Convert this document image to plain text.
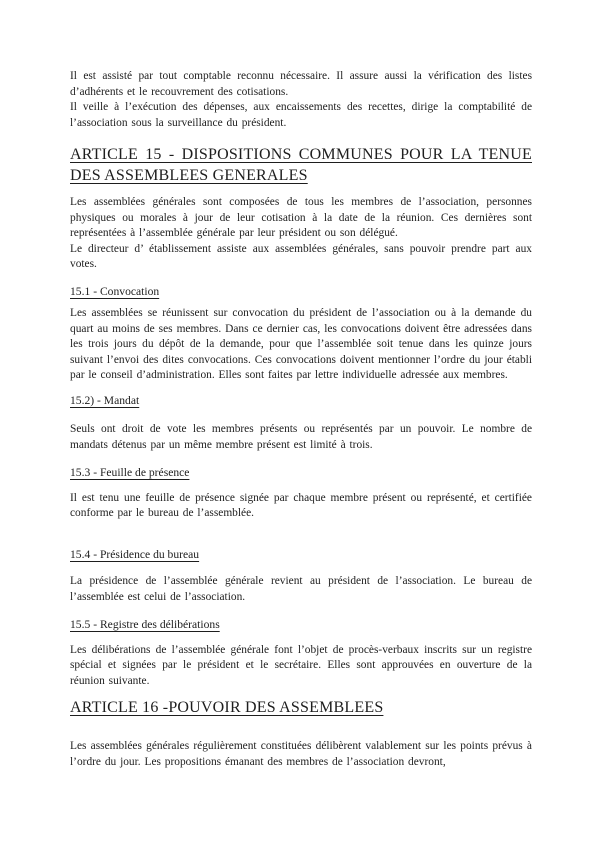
Il est assisté par tout comptable reconnu nécessaire. Il assure aussi la vérification des listes d’adhérents et le recouvrement des cotisations.

Il veille à l’exécution des dépenses, aux encaissements des recettes, dirige la comptabilité de l’association sous la surveillance du président.

ARTICLE 15 - DISPOSITIONS COMMUNES POUR LA TENUE DES ASSEMBLEES GENERALES

Les assemblées générales sont composées de tous les membres de l’association, personnes physiques ou morales à jour de leur cotisation à la date de la réunion. Ces dernières sont représentées à l’assemblée générale par leur président ou son délégué.

Le directeur d’ établissement assiste aux assemblées générales, sans pouvoir prendre part aux votes.

15.1 - Convocation

Les assemblées se réunissent sur convocation du président de l’association ou à la demande du quart au moins de ses membres. Dans ce dernier cas, les convocations doivent être adressées dans les trois jours du dépôt de la demande, pour que l’assemblée soit tenue dans les quinze jours suivant l’envoi des dites convocations. Ces convocations doivent mentionner l’ordre du jour établi par le conseil d’administration. Elles sont faites par lettre individuelle adressée aux membres.

15.2) - Mandat

Seuls ont droit de vote les membres présents ou représentés par un pouvoir. Le nombre de mandats détenus par un même membre présent est limité à trois.

15.3 - Feuille de présence

Il est tenu une feuille de présence signée par chaque membre présent ou représenté, et certifiée conforme par le bureau de l’assemblée.

15.4 - Présidence du bureau

La présidence de l’assemblée générale revient au président de l’association. Le bureau de l’assemblée est celui de l’association.

15.5 - Registre des délibérations

Les délibérations de l’assemblée générale font l’objet de procès-verbaux inscrits sur un registre spécial et signées par le président et le secrétaire. Elles sont approuvées en ouverture de la réunion suivante.

ARTICLE 16 -POUVOIR DES ASSEMBLEES

Les assemblées générales régulièrement constituées délibèrent valablement sur les points prévus à l’ordre du jour. Les propositions émanant des membres de l’association devront,
